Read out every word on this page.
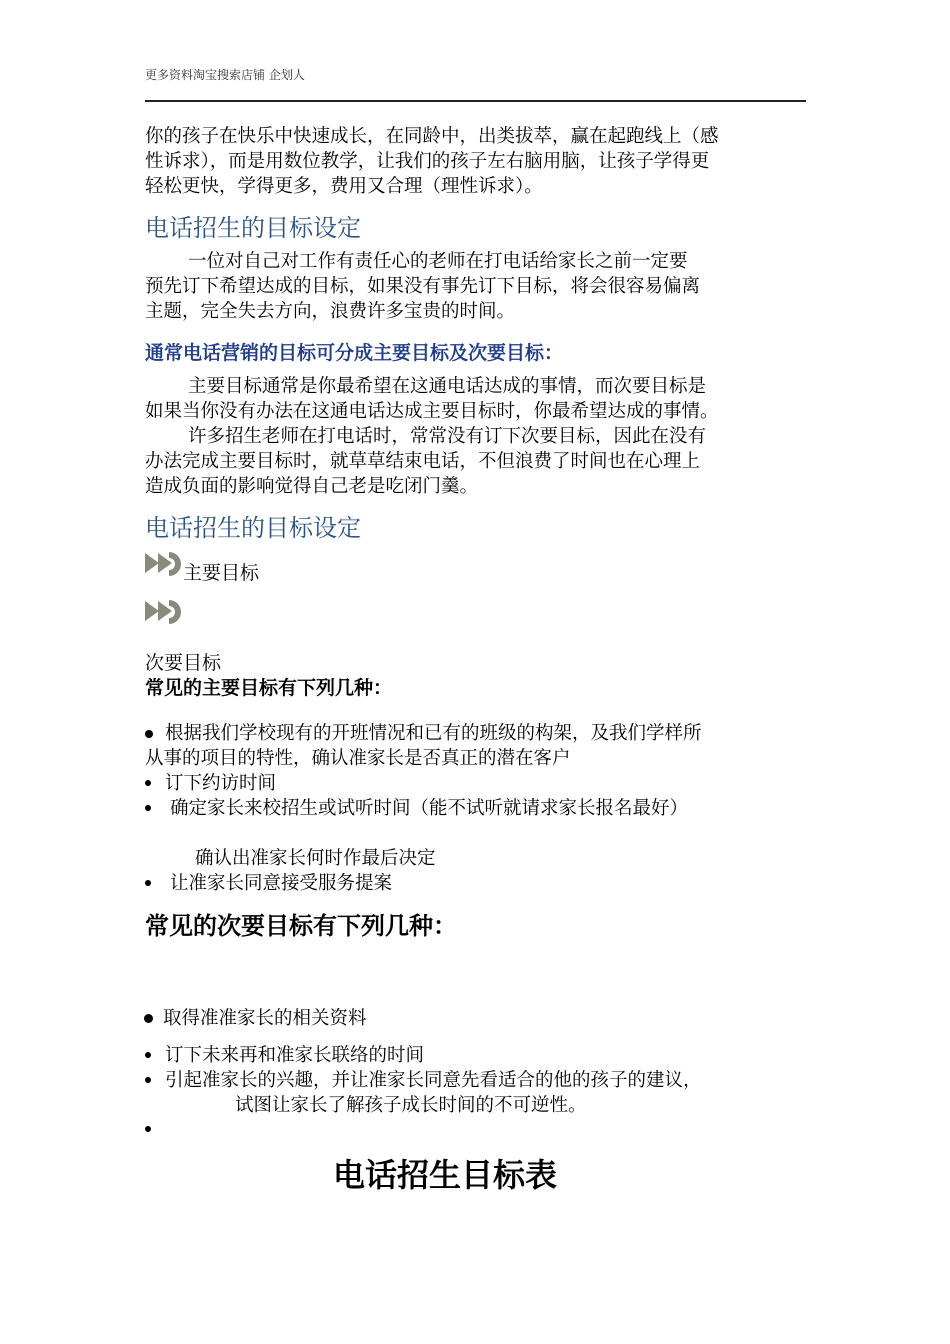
更多资料淘宝搜索店铺 企划人
你的孩子在快乐中快速成长，在同龄中，出类拔萃，赢在起跑线上（感
性诉求），而是用数位教学，让我们的孩子左右脑用脑，让孩子学得更
轻松更快，学得更多，费用又合理（理性诉求）。
电话招生的目标设定
一位对自己对工作有责任心的老师在打电话给家长之前一定要
预先订下希望达成的目标，如果没有事先订下目标，将会很容易偏离
主题，完全失去方向，浪费许多宝贵的时间。
通常电话营销的目标可分成主要目标及次要目标：
主要目标通常是你最希望在这通电话达成的事情，而次要目标是
如果当你没有办法在这通电话达成主要目标时，你最希望达成的事情。
许多招生老师在打电话时，常常没有订下次要目标，因此在没有
办法完成主要目标时，就草草结束电话，不但浪费了时间也在心理上
造成负面的影响觉得自己老是吃闭门羹。
电话招生的目标设定
主要目标
次要目标
常见的主要目标有下列几种：
根据我们学校现有的开班情况和已有的班级的构架，及我们学样所
从事的项目的特性，确认准家长是否真正的潜在客户
订下约访时间
确定家长来校招生或试听时间（能不试听就请求家长报名最好）
确认出准家长何时作最后决定
让准家长同意接受服务提案
常见的次要目标有下列几种：
取得准准家长的相关资料
订下未来再和准家长联络的时间
引起准家长的兴趣，并让准家长同意先看适合的他的孩子的建议，
试图让家长了解孩子成长时间的不可逆性。
电话招生目标表
